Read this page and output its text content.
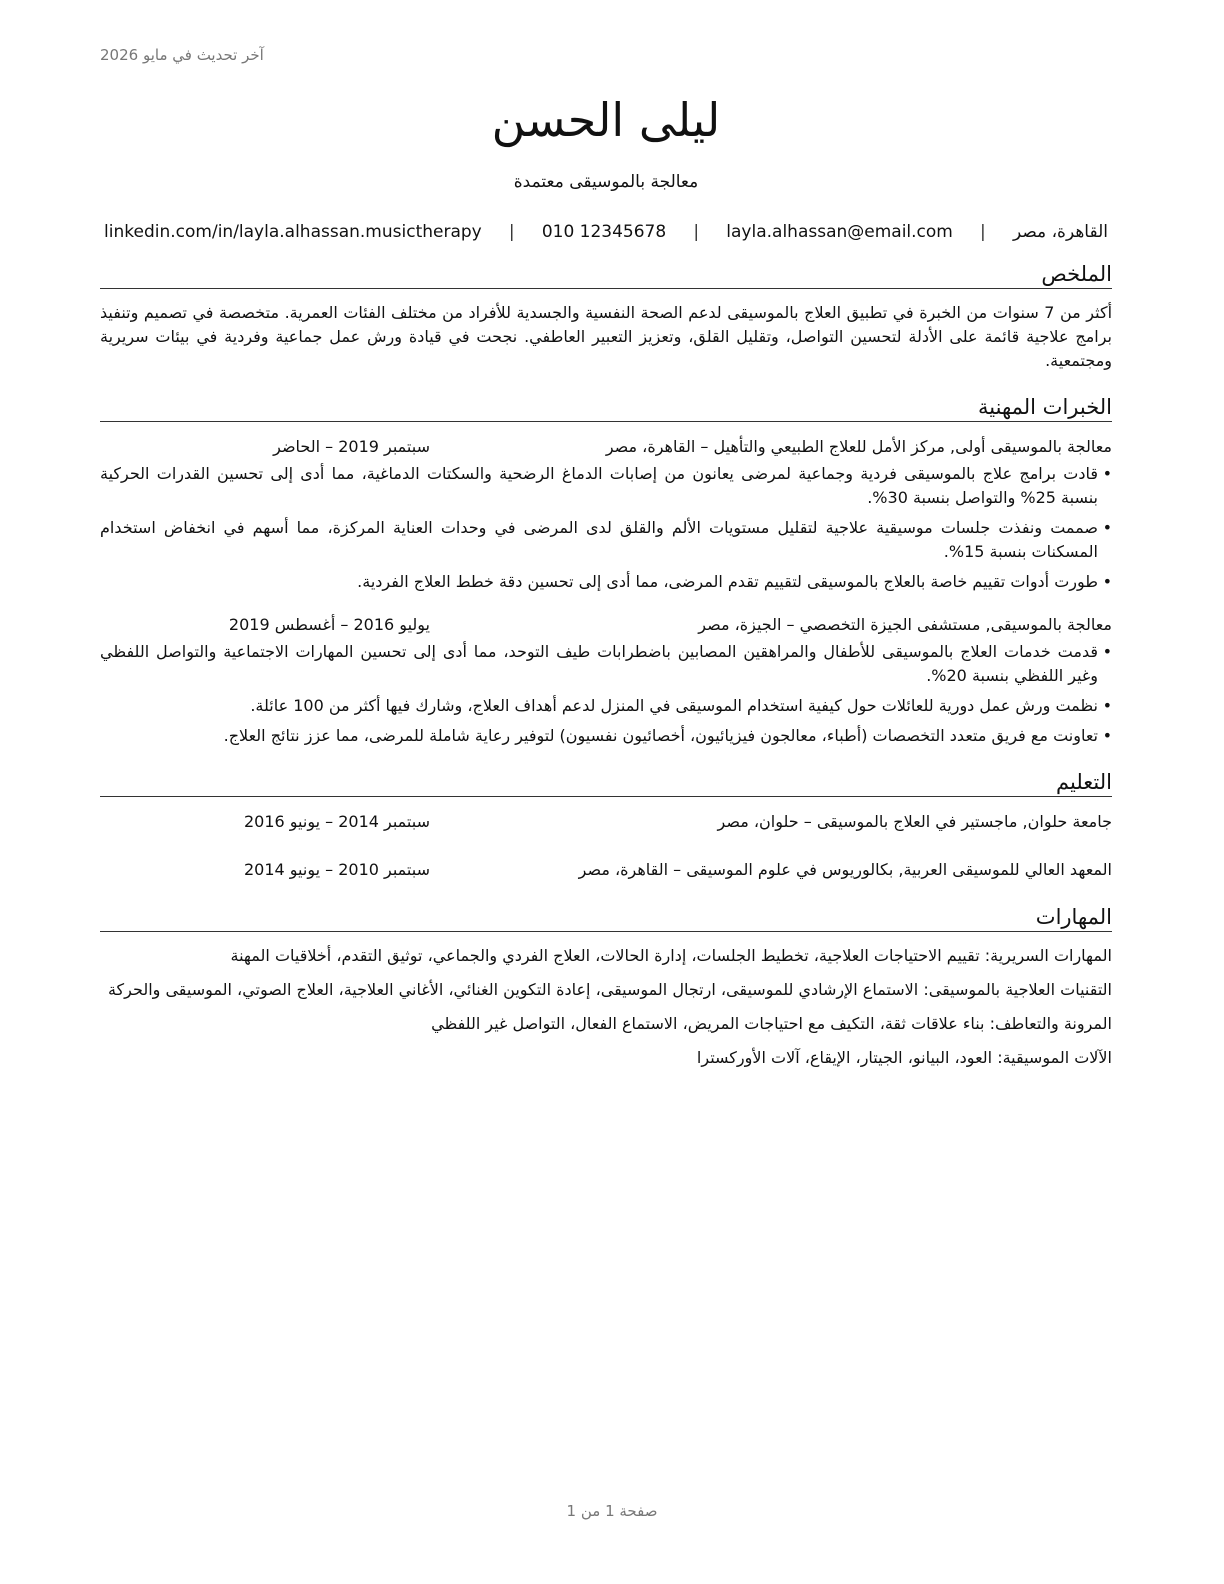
آخر تحديث في مايو 2026
ليلى الحسن
معالجة بالموسيقى معتمدة
القاهرة، مصر
|
layla.alhassan@email.com
|
010 12345678
|
linkedin.com/in/layla.alhassan.musictherapy
الملخص
أكثر من 7 سنوات من الخبرة في تطبيق العلاج بالموسيقى لدعم الصحة النفسية والجسدية للأفراد من مختلف الفئات العمرية. متخصصة في تصميم وتنفيذ برامج علاجية قائمة على الأدلة لتحسين التواصل، وتقليل القلق، وتعزيز التعبير العاطفي. نجحت في قيادة ورش عمل جماعية وفردية في بيئات سريرية ومجتمعية.
الخبرات المهنية
معالجة بالموسيقى أولى, مركز الأمل للعلاج الطبيعي والتأهيل – القاهرة، مصر
سبتمبر 2019 – الحاضر
•
قادت برامج علاج بالموسيقى فردية وجماعية لمرضى يعانون من إصابات الدماغ الرضحية والسكتات الدماغية، مما أدى إلى تحسين القدرات الحركية بنسبة 25% والتواصل بنسبة 30%.
•
صممت ونفذت جلسات موسيقية علاجية لتقليل مستويات الألم والقلق لدى المرضى في وحدات العناية المركزة، مما أسهم في انخفاض استخدام المسكنات بنسبة 15%.
•
طورت أدوات تقييم خاصة بالعلاج بالموسيقى لتقييم تقدم المرضى، مما أدى إلى تحسين دقة خطط العلاج الفردية.
معالجة بالموسيقى, مستشفى الجيزة التخصصي – الجيزة، مصر
يوليو 2016 – أغسطس 2019
•
قدمت خدمات العلاج بالموسيقى للأطفال والمراهقين المصابين باضطرابات طيف التوحد، مما أدى إلى تحسين المهارات الاجتماعية والتواصل اللفظي وغير اللفظي بنسبة 20%.
•
نظمت ورش عمل دورية للعائلات حول كيفية استخدام الموسيقى في المنزل لدعم أهداف العلاج، وشارك فيها أكثر من 100 عائلة.
•
تعاونت مع فريق متعدد التخصصات (أطباء، معالجون فيزيائيون، أخصائيون نفسيون) لتوفير رعاية شاملة للمرضى، مما عزز نتائج العلاج.
التعليم
جامعة حلوان, ماجستير في العلاج بالموسيقى – حلوان، مصر
سبتمبر 2014 – يونيو 2016
المعهد العالي للموسيقى العربية, بكالوريوس في علوم الموسيقى – القاهرة، مصر
سبتمبر 2010 – يونيو 2014
المهارات
المهارات السريرية: تقييم الاحتياجات العلاجية، تخطيط الجلسات، إدارة الحالات، العلاج الفردي والجماعي، توثيق التقدم، أخلاقيات المهنة
التقنيات العلاجية بالموسيقى: الاستماع الإرشادي للموسيقى، ارتجال الموسيقى، إعادة التكوين الغنائي، الأغاني العلاجية، العلاج الصوتي، الموسيقى والحركة
المرونة والتعاطف: بناء علاقات ثقة، التكيف مع احتياجات المريض، الاستماع الفعال، التواصل غير اللفظي
الآلات الموسيقية: العود، البيانو، الجيتار، الإيقاع، آلات الأوركسترا
صفحة 1 من 1
